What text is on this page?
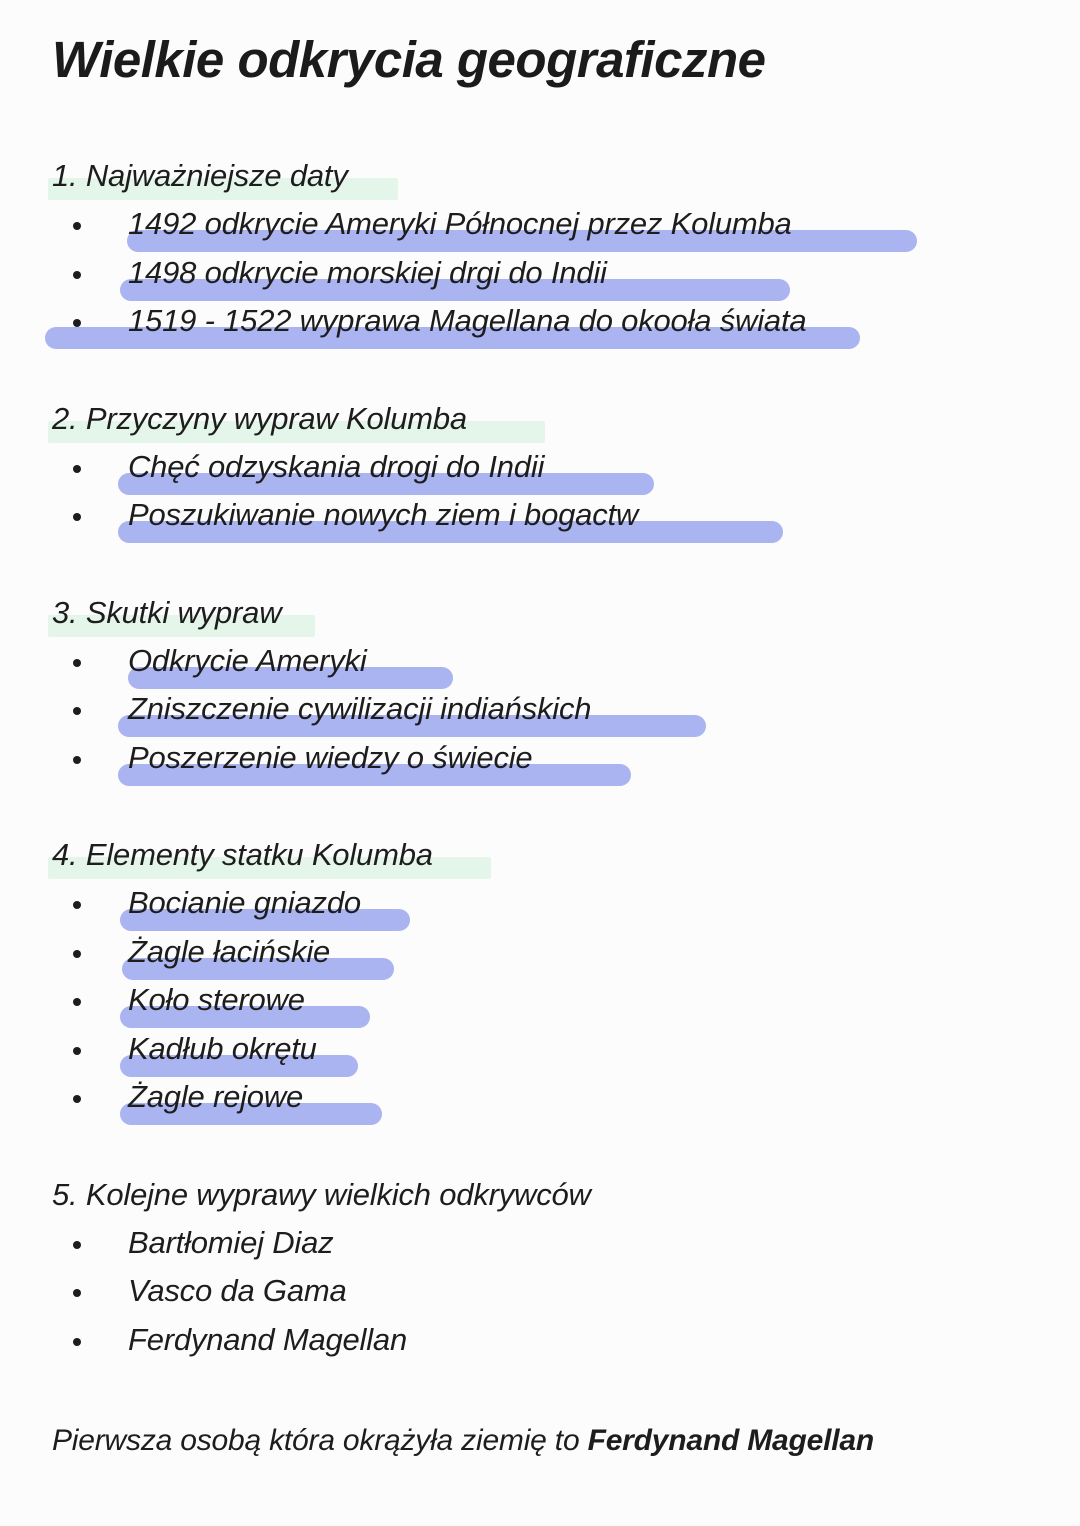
Wielkie odkrycia geograficzne
1. Najważniejsze daty
1492 odkrycie Ameryki Północnej przez Kolumba
1498 odkrycie morskiej drgi do Indii
1519 - 1522 wyprawa Magellana do okooła świata
2. Przyczyny wypraw Kolumba
Chęć odzyskania drogi do Indii
Poszukiwanie nowych ziem i bogactw
3. Skutki wypraw
Odkrycie Ameryki
Zniszczenie cywilizacji indiańskich
Poszerzenie wiedzy o świecie
4. Elementy statku Kolumba
Bocianie gniazdo
Żagle łacińskie
Koło sterowe
Kadłub okrętu
Żagle rejowe
5. Kolejne wyprawy wielkich odkrywców
Bartłomiej Diaz
Vasco da Gama
Ferdynand Magellan
Pierwsza osobą która okrążyła ziemię to Ferdynand Magellan
